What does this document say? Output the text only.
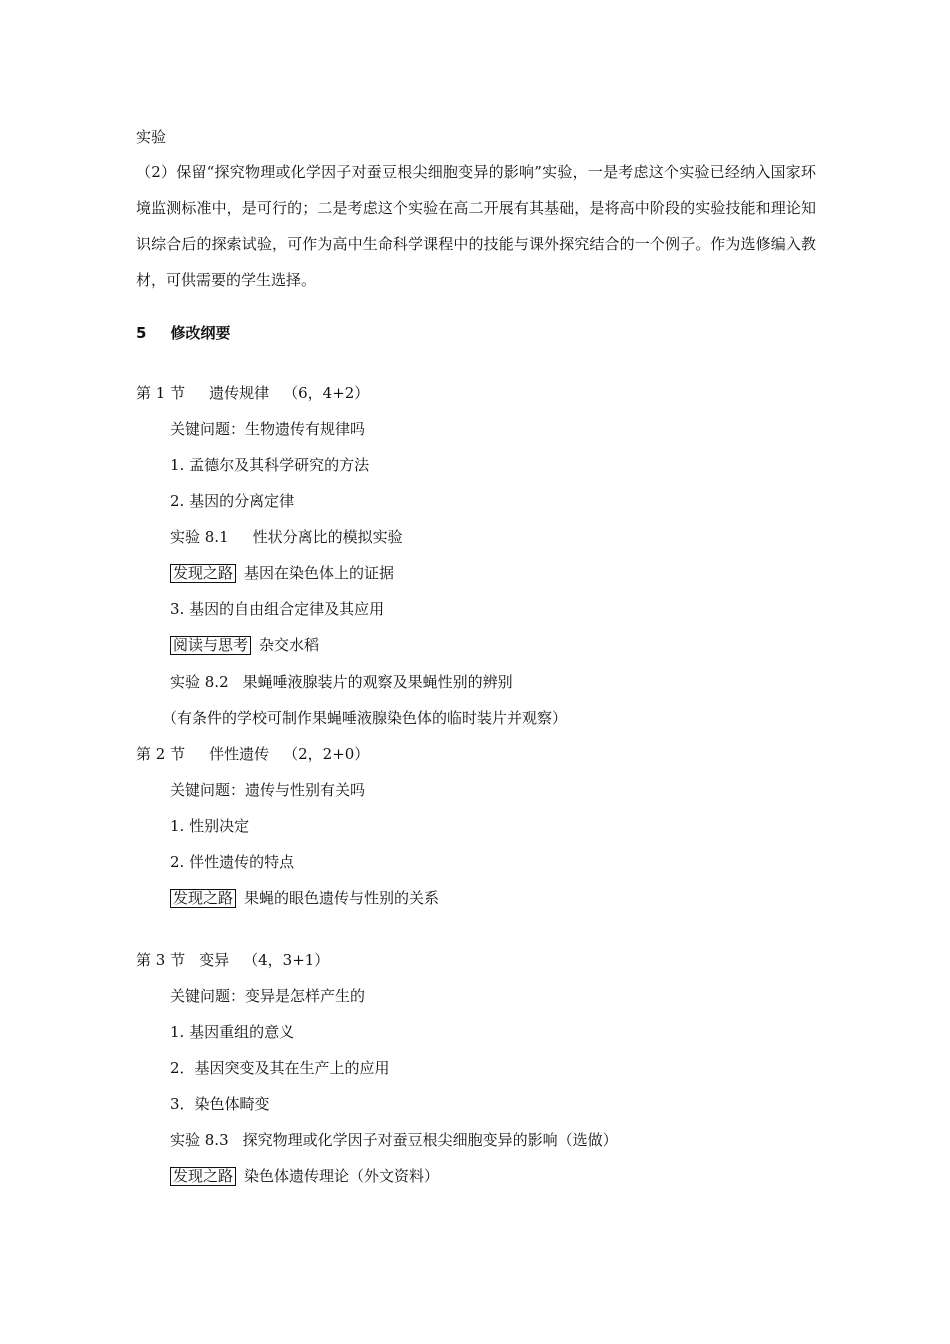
实验
（2）保留“探究物理或化学因子对蚕豆根尖细胞变异的影响”实验，一是考虑这个实验已经纳入国家环境监测标准中，是可行的；二是考虑这个实验在高二开展有其基础，是将高中阶段的实验技能和理论知识综合后的探索试验，可作为高中生命科学课程中的技能与课外探究结合的一个例子。作为选修编入教材，可供需要的学生选择。
5 修改纲要
第 1 节 遗传规律 （6，4+2）
关键问题：生物遗传有规律吗
1. 孟德尔及其科学研究的方法
2. 基因的分离定律
实验 8.1 性状分离比的模拟实验
发现之路 基因在染色体上的证据
3. 基因的自由组合定律及其应用
阅读与思考 杂交水稻
实验 8.2 果蝇唾液腺装片的观察及果蝇性别的辨别
（有条件的学校可制作果蝇唾液腺染色体的临时装片并观察）
第 2 节 伴性遗传 （2，2+0）
关键问题：遗传与性别有关吗
1. 性别决定
2. 伴性遗传的特点
发现之路 果蝇的眼色遗传与性别的关系
第 3 节 变异 （4，3+1）
关键问题：变异是怎样产生的
1. 基因重组的意义
2．基因突变及其在生产上的应用
3．染色体畸变
实验 8.3 探究物理或化学因子对蚕豆根尖细胞变异的影响（选做）
发现之路 染色体遗传理论（外文资料）
